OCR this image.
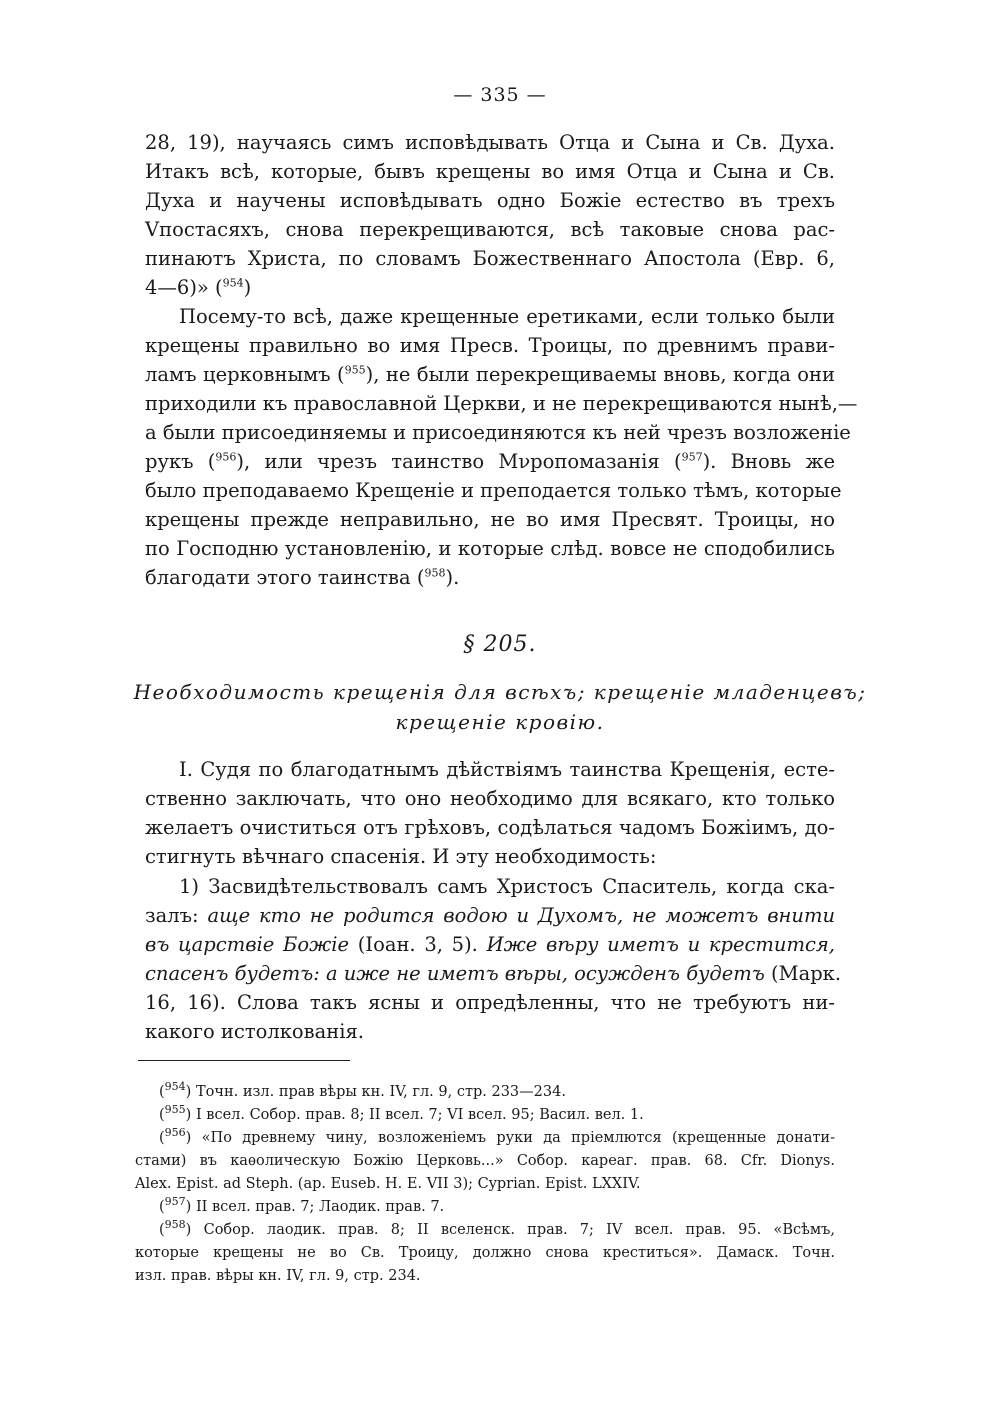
— 335 —
28, 19), научаясь симъ исповѣдывать Отца и Сына и Св. Духа.
Итакъ всѣ, которые, бывъ крещены во имя Отца и Сына и Св.
Духа и научены исповѣдывать одно Божіе естество въ трехъ
Vпостасяхъ, снова перекрещиваются, всѣ таковые снова рас-
пинаютъ Христа, по словамъ Божественнаго Апостола (Евр. 6,
4—6)» ($^{954}$)
Посему-то всѣ, даже крещенные еретиками, если только были
крещены правильно во имя Пресв. Троицы, по древнимъ прави-
ламъ церковнымъ ($^{955}$), не были перекрещиваемы вновь, когда они
приходили къ православной Церкви, и не перекрещиваются нынѣ,—
а были присоединяемы и присоединяются къ ней чрезъ возложеніе
рукъ ($^{956}$), или чрезъ таинство Мνропомазанія ($^{957}$). Вновь же
было преподаваемо Крещеніе и преподается только тѣмъ, которые
крещены прежде неправильно, не во имя Пресвят. Троицы, но
по Господню установленію, и которые слѣд. вовсе не сподобились
благодати этого таинства ($^{958}$).
§ 205.
Необходимость крещенія для всѣхъ; крещеніе младенцевъ;
крещеніе кровію.
I. Судя по благодатнымъ дѣйствіямъ таинства Крещенія, есте-
ственно заключать, что оно необходимо для всякаго, кто только
желаетъ очиститься отъ грѣховъ, содѣлаться чадомъ Божіимъ, до-
стигнуть вѣчнаго спасенія. И эту необходимость:
1) Засвидѣтельствовалъ самъ Христосъ Спаситель, когда ска-
залъ: аще кто не родится водою и Духомъ, не можетъ внити
въ царствіе Божіе (Іоан. 3, 5). Иже вѣру иметъ и крестится,
спасенъ будетъ: а иже не иметъ вѣры, осужденъ будетъ (Марк.
16, 16). Слова такъ ясны и опредѣленны, что не требуютъ ни-
какого истолкованія.
($^{954}$) Точн. изл. прав вѣры кн. IV, гл. 9, стр. 233—234.
($^{955}$) I всел. Собор. прав. 8; II всел. 7; VI всел. 95; Васил. вел. 1.
($^{956}$) «По древнему чину, возложеніемъ руки да пріемлются (крещенные донати-
стами) въ каѳолическую Божію Церковь...» Собор. кареаг. прав. 68. Cfr. Dionys.
Alex. Epist. ad Steph. (ap. Euseb. H. E. VII 3); Cyprian. Epist. LXXIV.
($^{957}$) II всел. прав. 7; Лаодик. прав. 7.
($^{958}$) Собор. лаодик. прав. 8; II вселенск. прав. 7; IV всел. прав. 95. «Всѣмъ,
которые крещены не во Св. Троицу, должно снова креститься». Дамаск. Точн.
изл. прав. вѣры кн. IV, гл. 9, стр. 234.
